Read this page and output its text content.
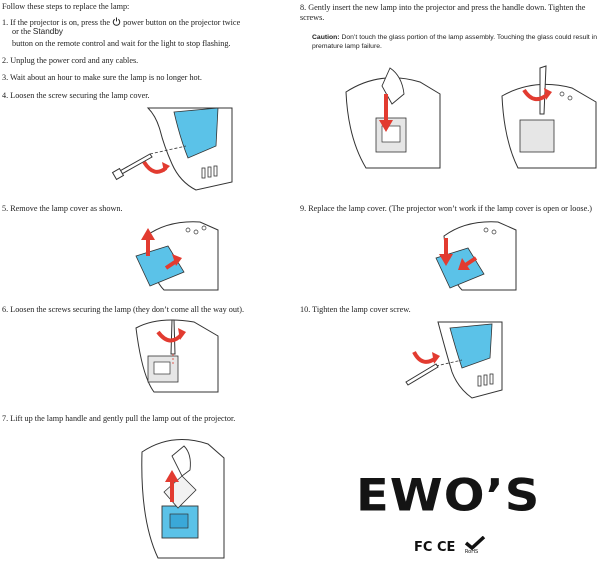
Follow these steps to replace the lamp:
1. If the projector is on, press the power button on the projector twice
or the Standby
button on the remote control and wait for the light to stop flashing.
2. Unplug the power cord and any cables.
3. Wait about an hour to make sure the lamp is no longer hot.
4. Loosen the screw securing the lamp cover.
5. Remove the lamp cover as shown.
6. Loosen the screws securing the lamp (they don’t come all the way out).
7. Lift up the lamp handle and gently pull the lamp out of the projector.
8. Gently insert the new lamp into the projector and press the handle down. Tighten the screws.
Caution: Don’t touch the glass portion of the lamp assembly. Touching the glass could result in premature lamp failure.
9. Replace the lamp cover. (The projector won’t work if the lamp cover is open or loose.)
10. Tighten the lamp cover screw.
EWO’S
FC CE RoHS
